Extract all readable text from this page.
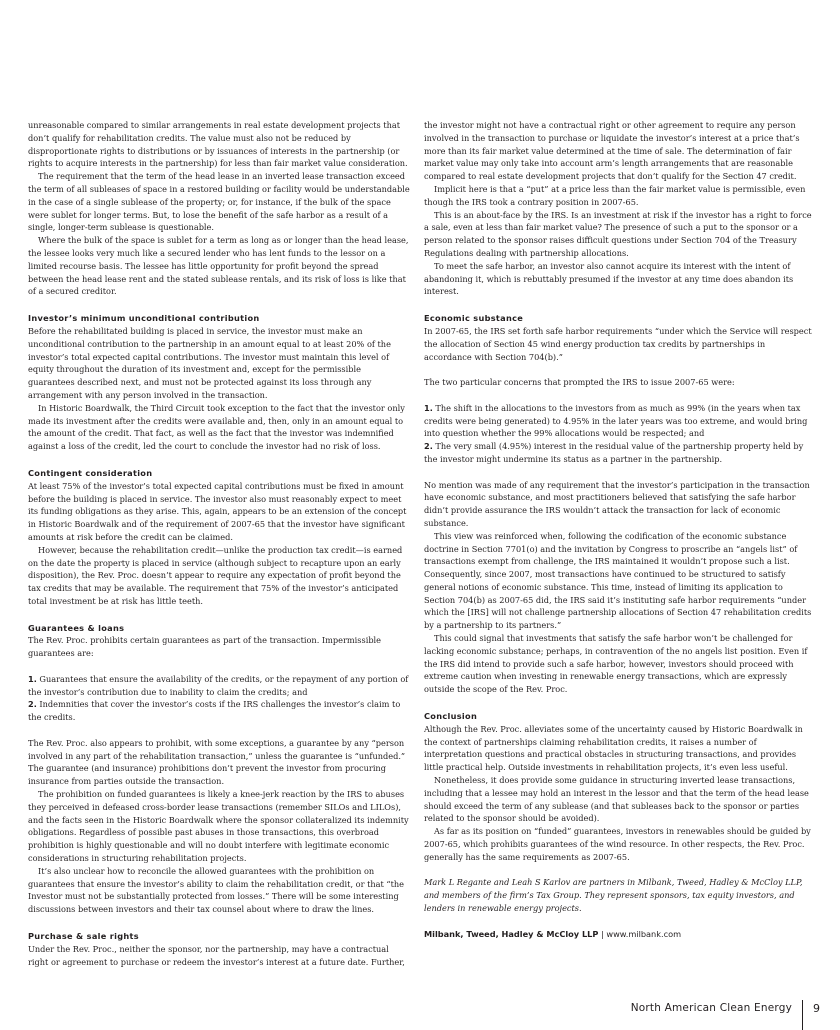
unreasonable compared to similar arrangements in real estate development projects that don’t qualify for rehabilitation credits. The value must also not be reduced by disproportionate rights to distributions or by issuances of interests in the partnership (or rights to acquire interests in the partnership) for less than fair market value consideration.

The requirement that the term of the head lease in an inverted lease transaction exceed the term of all subleases of space in a restored building or facility would be understandable in the case of a single sublease of the property; or, for instance, if the bulk of the space were sublet for longer terms. But, to lose the benefit of the safe harbor as a result of a single, longer-term sublease is questionable.

Where the bulk of the space is sublet for a term as long as or longer than the head lease, the lessee looks very much like a secured lender who has lent funds to the lessor on a limited recourse basis. The lessee has little opportunity for profit beyond the spread between the head lease rent and the stated sublease rentals, and its risk of loss is like that of a secured creditor.

Investor’s minimum unconditional contribution

Before the rehabilitated building is placed in service, the investor must make an unconditional contribution to the partnership in an amount equal to at least 20% of the investor’s total expected capital contributions. The investor must maintain this level of equity throughout the duration of its investment and, except for the permissible guarantees described next, and must not be protected against its loss through any arrangement with any person involved in the transaction.

In Historic Boardwalk, the Third Circuit took exception to the fact that the investor only made its investment after the credits were available and, then, only in an amount equal to the amount of the credit. That fact, as well as the fact that the investor was indemnified against a loss of the credit, led the court to conclude the investor had no risk of loss.

Contingent consideration

At least 75% of the investor’s total expected capital contributions must be fixed in amount before the building is placed in service. The investor also must reasonably expect to meet its funding obligations as they arise. This, again, appears to be an extension of the concept in Historic Boardwalk and of the requirement of 2007-65 that the investor have significant amounts at risk before the credit can be claimed.

However, because the rehabilitation credit—unlike the production tax credit—is earned on the date the property is placed in service (although subject to recapture upon an early disposition), the Rev. Proc. doesn’t appear to require any expectation of profit beyond the tax credits that may be available. The requirement that 75% of the investor’s anticipated total investment be at risk has little teeth.

Guarantees & loans

The Rev. Proc. prohibits certain guarantees as part of the transaction. Impermissible guarantees are:

1. Guarantees that ensure the availability of the credits, or the repayment of any portion of the investor’s contribution due to inability to claim the credits; and

2. Indemnities that cover the investor’s costs if the IRS challenges the investor’s claim to the credits.

The Rev. Proc. also appears to prohibit, with some exceptions, a guarantee by any “person involved in any part of the rehabilitation transaction,” unless the guarantee is “unfunded.” The guarantee (and insurance) prohibitions don’t prevent the investor from procuring insurance from parties outside the transaction.

The prohibition on funded guarantees is likely a knee-jerk reaction by the IRS to abuses they perceived in defeased cross-border lease transactions (remember SILOs and LILOs), and the facts seen in the Historic Boardwalk where the sponsor collateralized its indemnity obligations. Regardless of possible past abuses in those transactions, this overbroad prohibition is highly questionable and will no doubt interfere with legitimate economic considerations in structuring rehabilitation projects.

It’s also unclear how to reconcile the allowed guarantees with the prohibition on guarantees that ensure the investor’s ability to claim the rehabilitation credit, or that “the Investor must not be substantially protected from losses.” There will be some interesting discussions between investors and their tax counsel about where to draw the lines.

Purchase & sale rights

Under the Rev. Proc., neither the sponsor, nor the partnership, may have a contractual right or agreement to purchase or redeem the investor’s interest at a future date. Further,

the investor might not have a contractual right or other agreement to require any person involved in the transaction to purchase or liquidate the investor’s interest at a price that’s more than its fair market value determined at the time of sale. The determination of fair market value may only take into account arm’s length arrangements that are reasonable compared to real estate development projects that don’t qualify for the Section 47 credit.

Implicit here is that a “put” at a price less than the fair market value is permissible, even though the IRS took a contrary position in 2007-65.

This is an about-face by the IRS. Is an investment at risk if the investor has a right to force a sale, even at less than fair market value? The presence of such a put to the sponsor or a person related to the sponsor raises difficult questions under Section 704 of the Treasury Regulations dealing with partnership allocations.

To meet the safe harbor, an investor also cannot acquire its interest with the intent of abandoning it, which is rebuttably presumed if the investor at any time does abandon its interest.

Economic substance

In 2007-65, the IRS set forth safe harbor requirements “under which the Service will respect the allocation of Section 45 wind energy production tax credits by partnerships in accordance with Section 704(b).”

The two particular concerns that prompted the IRS to issue 2007-65 were:

1. The shift in the allocations to the investors from as much as 99% (in the years when tax credits were being generated) to 4.95% in the later years was too extreme, and would bring into question whether the 99% allocations would be respected; and

2. The very small (4.95%) interest in the residual value of the partnership property held by the investor might undermine its status as a partner in the partnership.

No mention was made of any requirement that the investor’s participation in the transaction have economic substance, and most practitioners believed that satisfying the safe harbor didn’t provide assurance the IRS wouldn’t attack the transaction for lack of economic substance.

This view was reinforced when, following the codification of the economic substance doctrine in Section 7701(o) and the invitation by Congress to proscribe an “angels list” of transactions exempt from challenge, the IRS maintained it wouldn’t propose such a list. Consequently, since 2007, most transactions have continued to be structured to satisfy general notions of economic substance. This time, instead of limiting its application to Section 704(b) as 2007-65 did, the IRS said it’s instituting safe harbor requirements “under which the [IRS] will not challenge partnership allocations of Section 47 rehabilitation credits by a partnership to its partners.”

This could signal that investments that satisfy the safe harbor won’t be challenged for lacking economic substance; perhaps, in contravention of the no angels list position. Even if the IRS did intend to provide such a safe harbor, however, investors should proceed with extreme caution when investing in renewable energy transactions, which are expressly outside the scope of the Rev. Proc.

Conclusion

Although the Rev. Proc. alleviates some of the uncertainty caused by Historic Boardwalk in the context of partnerships claiming rehabilitation credits, it raises a number of interpretation questions and practical obstacles in structuring transactions, and provides little practical help. Outside investments in rehabilitation projects, it’s even less useful.

Nonetheless, it does provide some guidance in structuring inverted lease transactions, including that a lessee may hold an interest in the lessor and that the term of the head lease should exceed the term of any sublease (and that subleases back to the sponsor or parties related to the sponsor should be avoided).

As far as its position on “funded” guarantees, investors in renewables should be guided by 2007-65, which prohibits guarantees of the wind resource. In other respects, the Rev. Proc. generally has the same requirements as 2007-65.

Mark L Regante and Leah S Karlov are partners in Milbank, Tweed, Hadley & McCloy LLP, and members of the firm’s Tax Group. They represent sponsors, tax equity investors, and lenders in renewable energy projects.

Milbank, Tweed, Hadley & McCloy LLP | www.milbank.com

North American Clean Energy 9
